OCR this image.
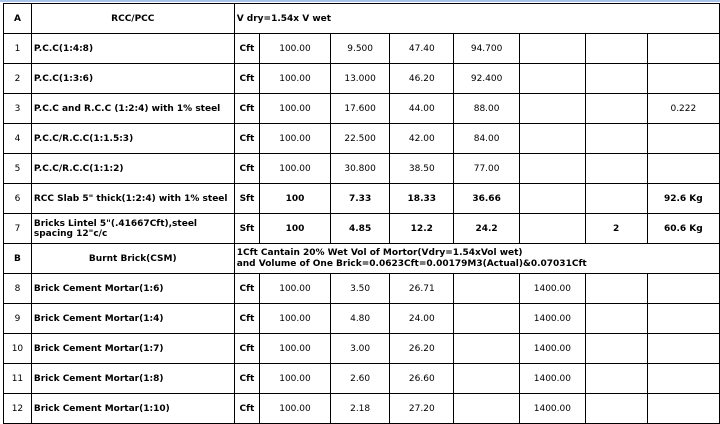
A	RCC/PCC	V dry=1.54x V wet							
1	P.C.C(1:4:8)	Cft	100.00	9.500	47.40	94.700			
2	P.C.C(1:3:6)	Cft	100.00	13.000	46.20	92.400			
3	P.C.C and R.C.C (1:2:4) with 1% steel	Cft	100.00	17.600	44.00	88.00			0.222
4	P.C.C/R.C.C(1:1.5:3)	Cft	100.00	22.500	42.00	84.00			
5	P.C.C/R.C.C(1:1:2)	Cft	100.00	30.800	38.50	77.00			
6	RCC Slab 5" thick(1:2:4) with 1% steel	Sft	100	7.33	18.33	36.66			92.6 Kg
7	Bricks Lintel 5"(.41667Cft),steel spacing 12"c/c	Sft	100	4.85	12.2	24.2		2	60.6 Kg
B	Burnt Brick(CSM)	1Cft Cantain 20% Wet Vol of Mortor(Vdry=1.54xVol wet)
and Volume of One Brick=0.0623Cft=0.00179M3(Actual)&0.07031Cft							

8	Brick Cement Mortar(1:6)	Cft	100.00	3.50	26.71		1400.00		
9	Brick Cement Mortar(1:4)	Cft	100.00	4.80	24.00		1400.00		
10	Brick Cement Mortar(1:7)	Cft	100.00	3.00	26.20		1400.00		
11	Brick Cement Mortar(1:8)	Cft	100.00	2.60	26.60		1400.00		
12	Brick Cement Mortar(1:10)	Cft	100.00	2.18	27.20		1400.00		
